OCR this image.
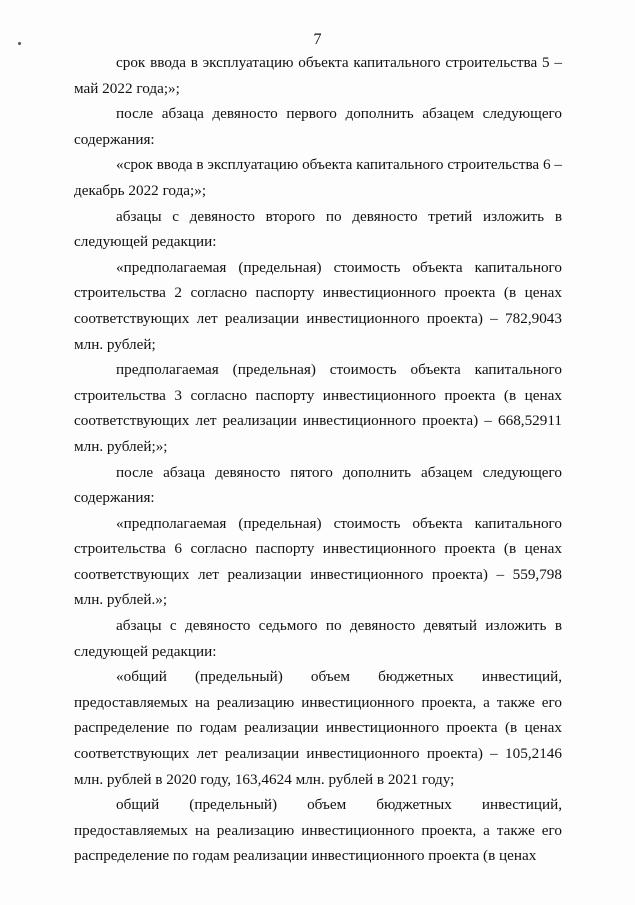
7

срок ввода в эксплуатацию объекта капитального строительства 5 – май 2022 года;»;

после абзаца девяносто первого дополнить абзацем следующего содержания:

«срок ввода в эксплуатацию объекта капитального строительства 6 – декабрь 2022 года;»;

абзацы с девяносто второго по девяносто третий изложить в следующей редакции:

«предполагаемая (предельная) стоимость объекта капитального строительства 2 согласно паспорту инвестиционного проекта (в ценах соответствующих лет реализации инвестиционного проекта) – 782,9043 млн. рублей;

предполагаемая (предельная) стоимость объекта капитального строительства 3 согласно паспорту инвестиционного проекта (в ценах соответствующих лет реализации инвестиционного проекта) – 668,52911 млн. рублей;»;

после абзаца девяносто пятого дополнить абзацем следующего содержания:

«предполагаемая (предельная) стоимость объекта капитального строительства 6 согласно паспорту инвестиционного проекта (в ценах соответствующих лет реализации инвестиционного проекта) – 559,798 млн. рублей.»;

абзацы с девяносто седьмого по девяносто девятый изложить в следующей редакции:

«общий (предельный) объем бюджетных инвестиций, предоставляемых на реализацию инвестиционного проекта, а также его распределение по годам реализации инвестиционного проекта (в ценах соответствующих лет реализации инвестиционного проекта) – 105,2146 млн. рублей в 2020 году, 163,4624 млн. рублей в 2021 году;

общий (предельный) объем бюджетных инвестиций, предоставляемых на реализацию инвестиционного проекта, а также его распределение по годам реализации инвестиционного проекта (в ценах
